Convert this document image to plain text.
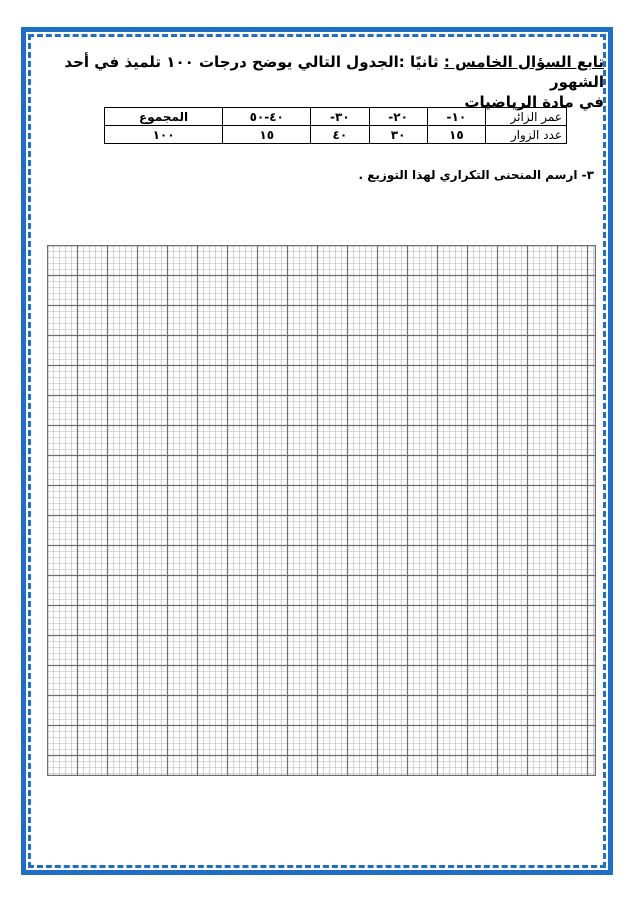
تابع السؤال الخامس : ثانيًا :الجدول التالي يوضح درجات ١٠٠ تلميذ في أحد الشهور
في مادة الرياضيات
عمر الزائر	١٠-	٢٠-	٣٠-	٤٠-٥٠	المجموع
عدد الزوار	١٥	٣٠	٤٠	١٥	١٠٠
٣- ارسم المنحنى التكراري لهذا التوزيع .
